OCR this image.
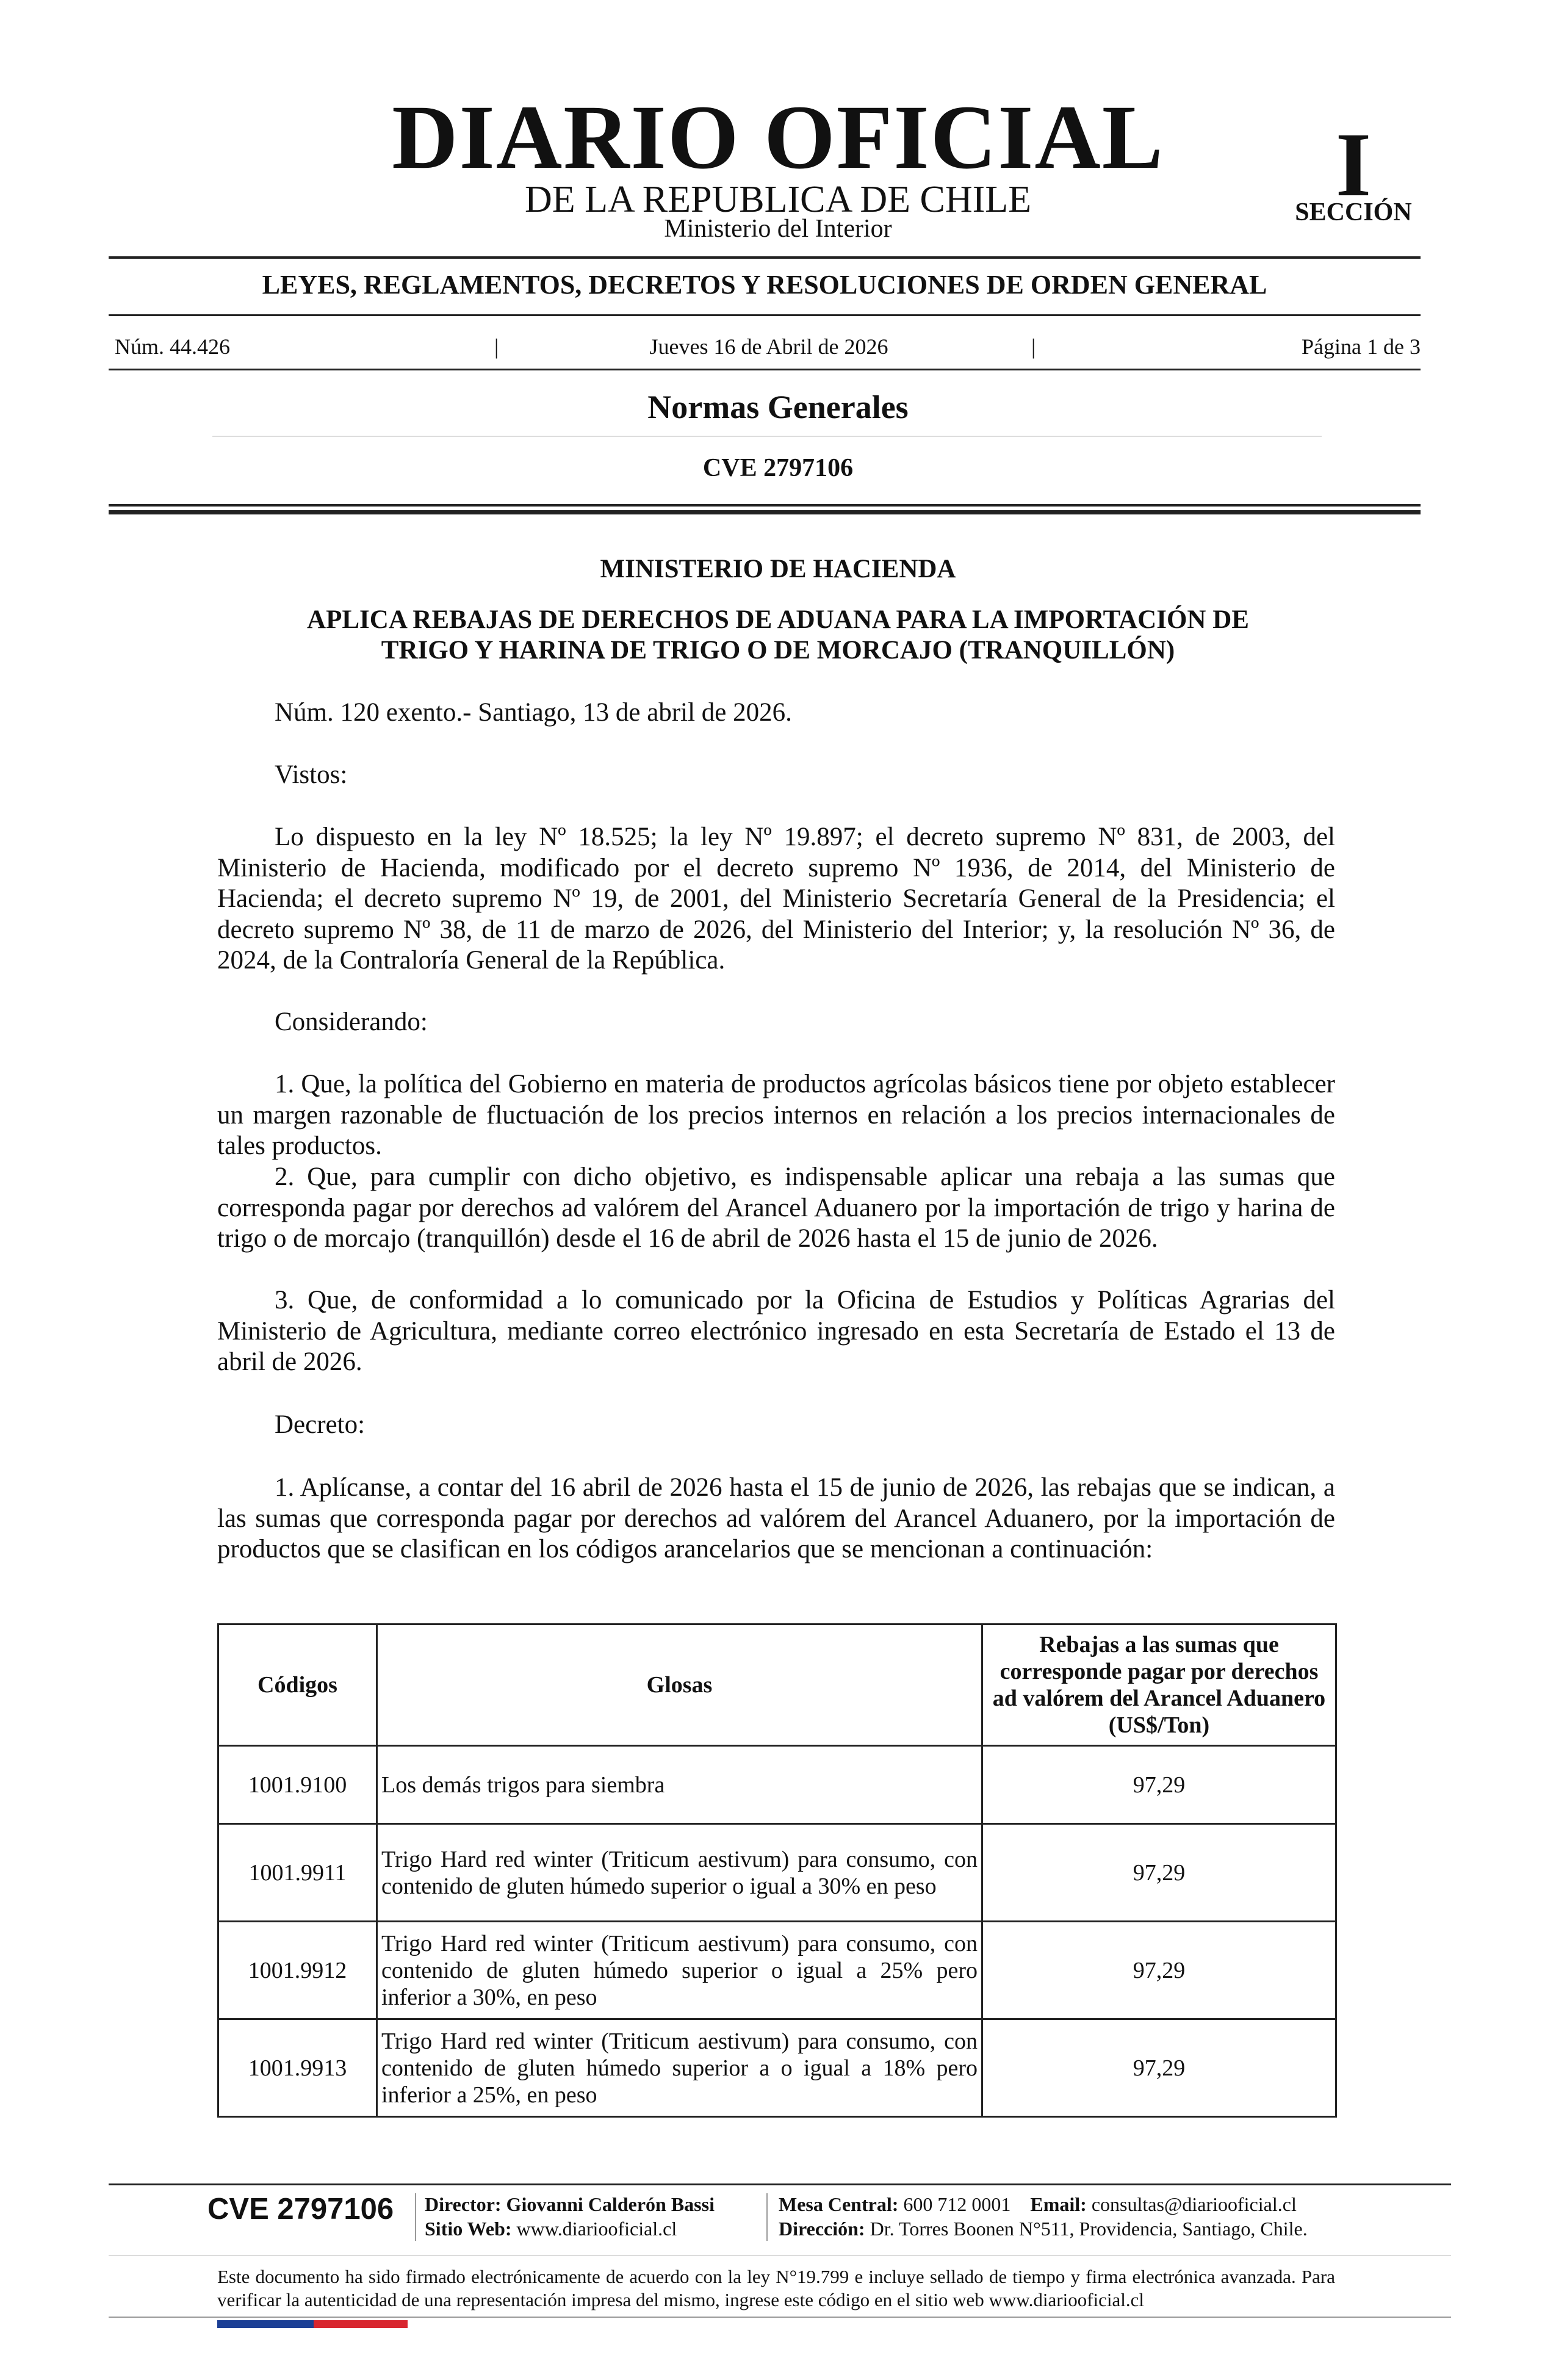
DIARIO OFICIAL
DE LA REPUBLICA DE CHILE
Ministerio del Interior
I
SECCIÓN
LEYES, REGLAMENTOS, DECRETOS Y RESOLUCIONES DE ORDEN GENERAL
Núm. 44.426	|	Jueves 16 de Abril de 2026	|	Página 1 de 3
Normas Generales
CVE 2797106
MINISTERIO DE HACIENDA
APLICA REBAJAS DE DERECHOS DE ADUANA PARA LA IMPORTACIÓN DE
TRIGO Y HARINA DE TRIGO O DE MORCAJO (TRANQUILLÓN)
Núm. 120 exento.- Santiago, 13 de abril de 2026.
Vistos:
Lo dispuesto en la ley Nº 18.525; la ley Nº 19.897; el decreto supremo Nº 831, de 2003, del Ministerio de Hacienda, modificado por el decreto supremo Nº 1936, de 2014, del Ministerio de Hacienda; el decreto supremo Nº 19, de 2001, del Ministerio Secretaría General de la Presidencia; el decreto supremo Nº 38, de 11 de marzo de 2026, del Ministerio del Interior; y, la resolución Nº 36, de 2024, de la Contraloría General de la República.
Considerando:
1. Que, la política del Gobierno en materia de productos agrícolas básicos tiene por objeto establecer un margen razonable de fluctuación de los precios internos en relación a los precios internacionales de tales productos.
2. Que, para cumplir con dicho objetivo, es indispensable aplicar una rebaja a las sumas que corresponda pagar por derechos ad valórem del Arancel Aduanero por la importación de trigo y harina de trigo o de morcajo (tranquillón) desde el 16 de abril de 2026 hasta el 15 de junio de 2026.
3. Que, de conformidad a lo comunicado por la Oficina de Estudios y Políticas Agrarias del Ministerio de Agricultura, mediante correo electrónico ingresado en esta Secretaría de Estado el 13 de abril de 2026.
Decreto:
1. Aplícanse, a contar del 16 abril de 2026 hasta el 15 de junio de 2026, las rebajas que se indican, a las sumas que corresponda pagar por derechos ad valórem del Arancel Aduanero, por la importación de productos que se clasifican en los códigos arancelarios que se mencionan a continuación:
Códigos	Glosas	Rebajas a las sumas que corresponde pagar por derechos ad valórem del Arancel Aduanero (US$/Ton)
1001.9100	Los demás trigos para siembra	97,29
1001.9911	Trigo Hard red winter (Triticum aestivum) para consumo, con contenido de gluten húmedo superior o igual a 30% en peso	97,29
1001.9912	Trigo Hard red winter (Triticum aestivum) para consumo, con contenido de gluten húmedo superior o igual a 25% pero inferior a 30%, en peso	97,29
1001.9913	Trigo Hard red winter (Triticum aestivum) para consumo, con contenido de gluten húmedo superior a o igual a 18% pero inferior a 25%, en peso	97,29
CVE 2797106 Director: Giovanni Calderón Bassi
Sitio Web: www.diariooficial.cl
Mesa Central: 600 712 0001 Email: consultas@diariooficial.cl
Dirección: Dr. Torres Boonen N°511, Providencia, Santiago, Chile.
Este documento ha sido firmado electrónicamente de acuerdo con la ley N°19.799 e incluye sellado de tiempo y firma electrónica avanzada. Para verificar la autenticidad de una representación impresa del mismo, ingrese este código en el sitio web www.diariooficial.cl
